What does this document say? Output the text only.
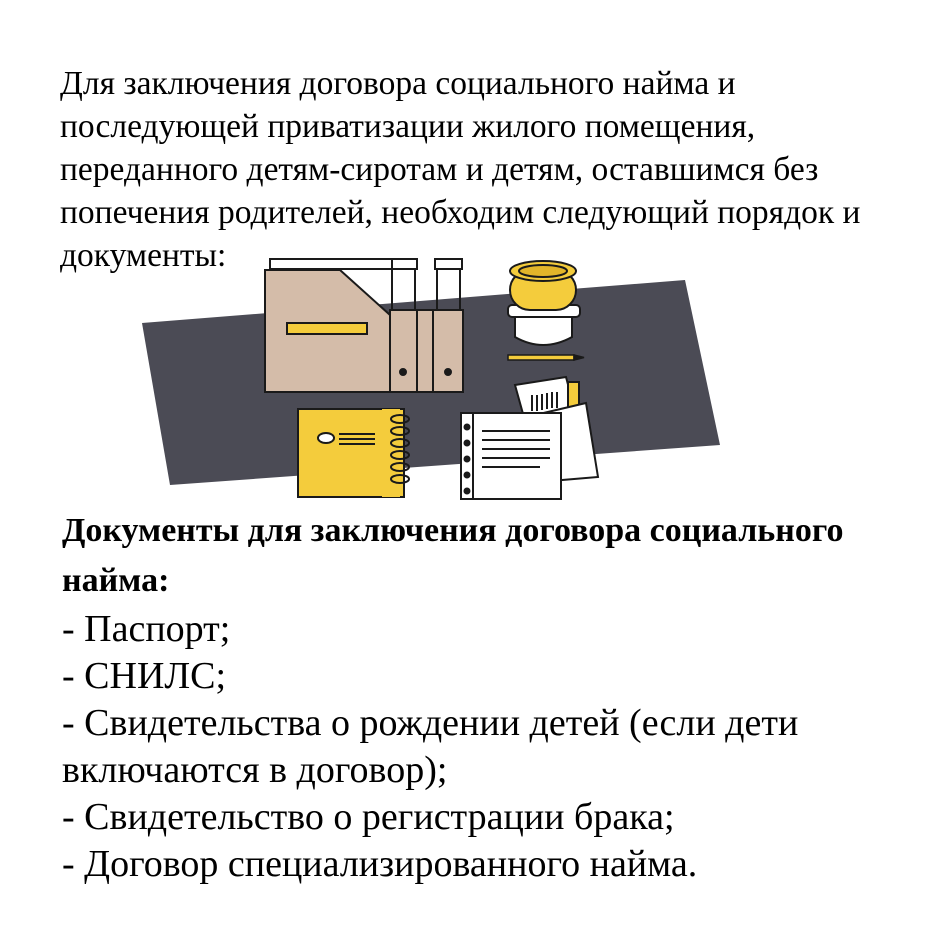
Для заключения договора социального найма и последующей приватизации жилого помещения, переданного детям-сиротам и детям, оставшимся без попечения родителей, необходим следующий порядок и документы:

Документы для заключения договора социального найма:

- Паспорт;
- СНИЛС;
- Свидетельства о рождении детей (если дети включаются в договор);
- Свидетельство о регистрации брака;
- Договор специализированного найма.
